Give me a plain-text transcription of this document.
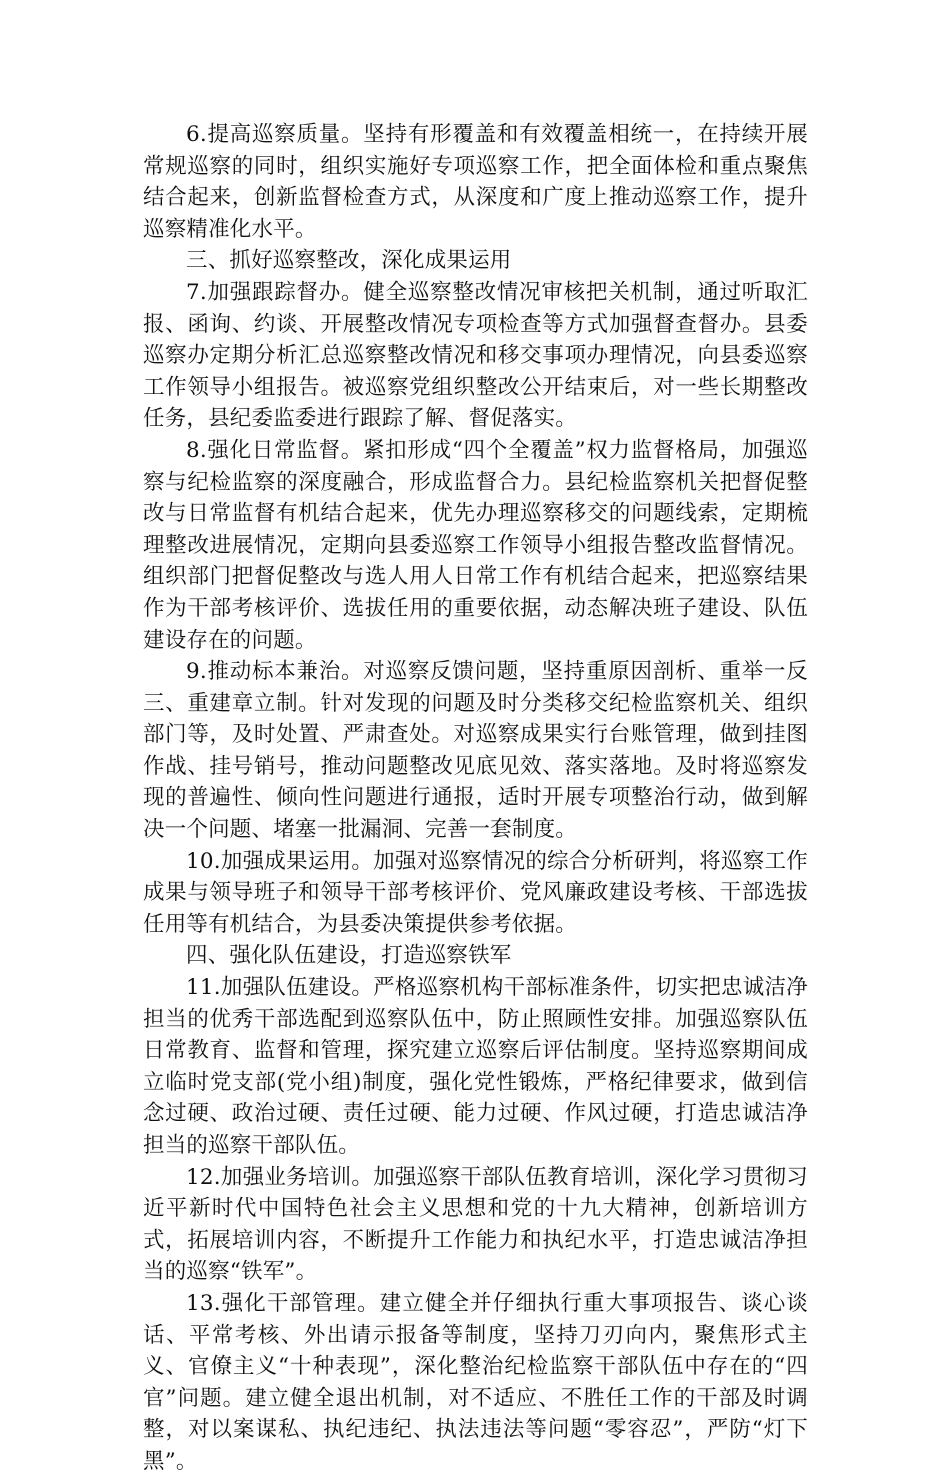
6.提高巡察质量。坚持有形覆盖和有效覆盖相统一，在持续开展常规巡察的同时，组织实施好专项巡察工作，把全面体检和重点聚焦结合起来，创新监督检查方式，从深度和广度上推动巡察工作，提升巡察精准化水平。

三、抓好巡察整改，深化成果运用

7.加强跟踪督办。健全巡察整改情况审核把关机制，通过听取汇报、函询、约谈、开展整改情况专项检查等方式加强督查督办。县委巡察办定期分析汇总巡察整改情况和移交事项办理情况，向县委巡察工作领导小组报告。被巡察党组织整改公开结束后，对一些长期整改任务，县纪委监委进行跟踪了解、督促落实。

8.强化日常监督。紧扣形成“四个全覆盖”权力监督格局，加强巡察与纪检监察的深度融合，形成监督合力。县纪检监察机关把督促整改与日常监督有机结合起来，优先办理巡察移交的问题线索，定期梳理整改进展情况，定期向县委巡察工作领导小组报告整改监督情况。组织部门把督促整改与选人用人日常工作有机结合起来，把巡察结果作为干部考核评价、选拔任用的重要依据，动态解决班子建设、队伍建设存在的问题。

9.推动标本兼治。对巡察反馈问题，坚持重原因剖析、重举一反三、重建章立制。针对发现的问题及时分类移交纪检监察机关、组织部门等，及时处置、严肃查处。对巡察成果实行台账管理，做到挂图作战、挂号销号，推动问题整改见底见效、落实落地。及时将巡察发现的普遍性、倾向性问题进行通报，适时开展专项整治行动，做到解决一个问题、堵塞一批漏洞、完善一套制度。

10.加强成果运用。加强对巡察情况的综合分析研判，将巡察工作成果与领导班子和领导干部考核评价、党风廉政建设考核、干部选拔任用等有机结合，为县委决策提供参考依据。

四、强化队伍建设，打造巡察铁军

11.加强队伍建设。严格巡察机构干部标准条件，切实把忠诚洁净担当的优秀干部选配到巡察队伍中，防止照顾性安排。加强巡察队伍日常教育、监督和管理，探究建立巡察后评估制度。坚持巡察期间成立临时党支部(党小组)制度，强化党性锻炼，严格纪律要求，做到信念过硬、政治过硬、责任过硬、能力过硬、作风过硬，打造忠诚洁净担当的巡察干部队伍。

12.加强业务培训。加强巡察干部队伍教育培训，深化学习贯彻习近平新时代中国特色社会主义思想和党的十九大精神，创新培训方式，拓展培训内容，不断提升工作能力和执纪水平，打造忠诚洁净担当的巡察“铁军”。

13.强化干部管理。建立健全并仔细执行重大事项报告、谈心谈话、平常考核、外出请示报备等制度，坚持刀刃向内，聚焦形式主义、官僚主义“十种表现”，深化整治纪检监察干部队伍中存在的“四官”问题。建立健全退出机制，对不适应、不胜任工作的干部及时调整，对以案谋私、执纪违纪、执法违法等问题“零容忍”，严防“灯下黑”。
